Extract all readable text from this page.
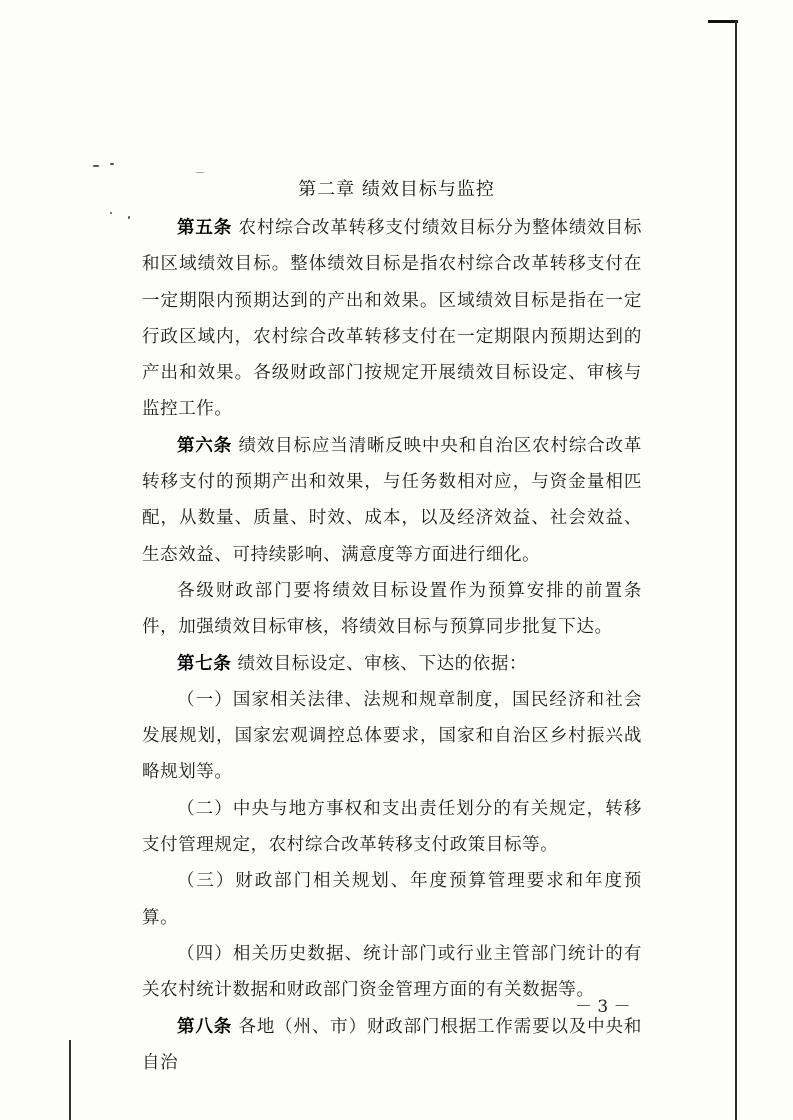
第二章 绩效目标与监控

第五条 农村综合改革转移支付绩效目标分为整体绩效目标和区域绩效目标。整体绩效目标是指农村综合改革转移支付在一定期限内预期达到的产出和效果。区域绩效目标是指在一定行政区域内，农村综合改革转移支付在一定期限内预期达到的产出和效果。各级财政部门按规定开展绩效目标设定、审核与监控工作。

第六条 绩效目标应当清晰反映中央和自治区农村综合改革转移支付的预期产出和效果，与任务数相对应，与资金量相匹配，从数量、质量、时效、成本，以及经济效益、社会效益、生态效益、可持续影响、满意度等方面进行细化。

各级财政部门要将绩效目标设置作为预算安排的前置条件，加强绩效目标审核，将绩效目标与预算同步批复下达。

第七条 绩效目标设定、审核、下达的依据：

（一）国家相关法律、法规和规章制度，国民经济和社会发展规划，国家宏观调控总体要求，国家和自治区乡村振兴战略规划等。

（二）中央与地方事权和支出责任划分的有关规定，转移支付管理规定，农村综合改革转移支付政策目标等。

（三）财政部门相关规划、年度预算管理要求和年度预算。

（四）相关历史数据、统计部门或行业主管部门统计的有关农村统计数据和财政部门资金管理方面的有关数据等。

第八条 各地（州、市）财政部门根据工作需要以及中央和自治

－ 3 －
